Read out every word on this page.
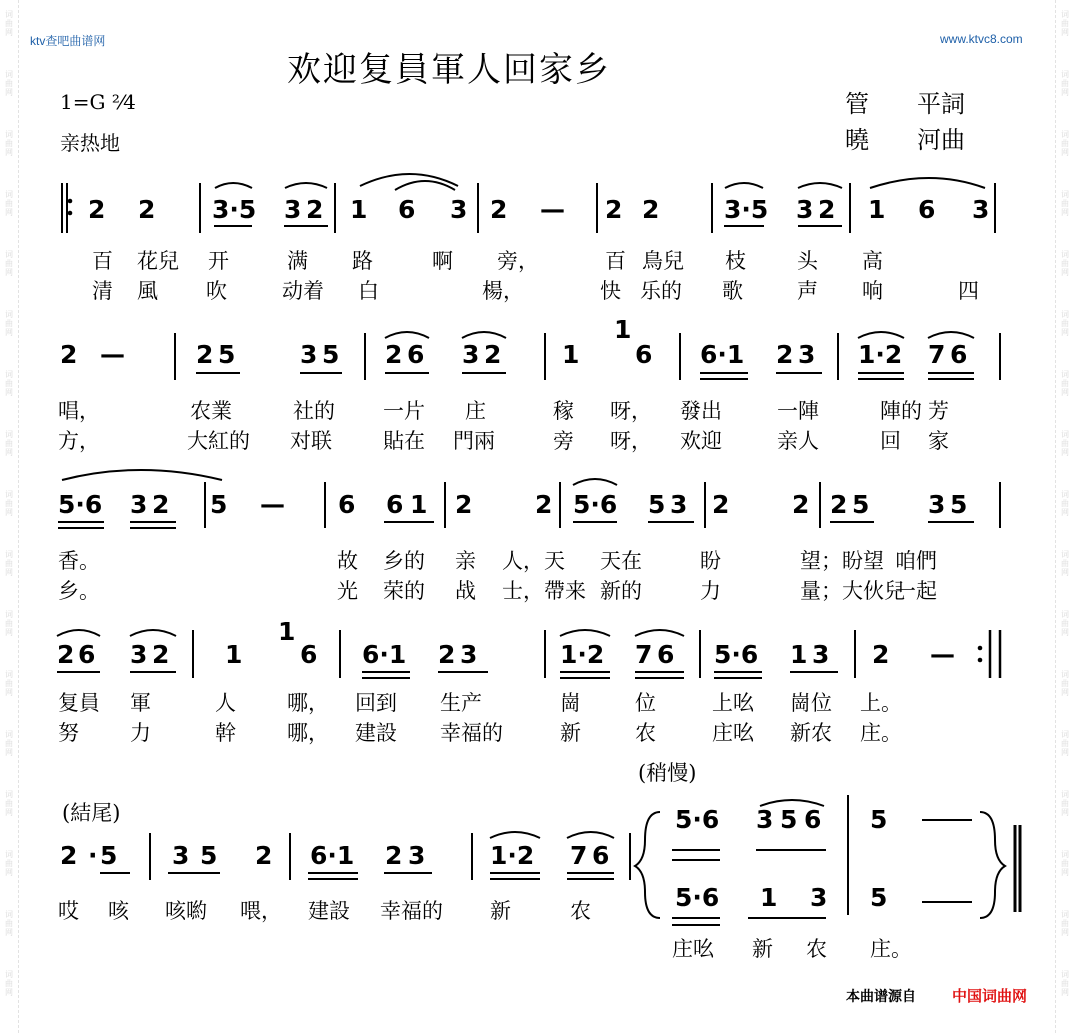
词曲网
词曲网
词曲网
词曲网
词曲网
词曲网
词曲网
词曲网
词曲网
词曲网
词曲网
词曲网
词曲网
词曲网
词曲网
词曲网
词曲网
词曲网
词曲网
词曲网
词曲网
词曲网
词曲网
词曲网
词曲网
词曲网
词曲网
词曲网
词曲网
词曲网
词曲网
词曲网
词曲网
词曲网
ktv查吧曲谱网	www.ktvc8.com
欢迎复員軍人回家乡
1=G ²⁄4
亲热地
管　　平詞
曉　　河曲
2 2 3·5 3 2 1 6 3 2 — 2 2	3·5 3 2 1 6 3
2 —	2 5	3 5 2 6 3 2 1 6 6·1 2 3 1·2 7 6
1
5·6 3 2 5 — 6 6 1 2	2 5·6 5 3 2	2 2 5 3 5
2 6 3 2 1 6 6·1 2 3	1·2 7 6 5·6 1 3 2 —
1
2 · 5 3 5 2 6·1 2 3	1·2 7 6
5·6 3 5 6 5
5·6 1 3 5
百 花兒 开	满 路	啊 旁，	百 鳥兒 枝 头 高
清 風 吹	动着 白	楊，	快 乐的 歌	声 响	四
唱，	农業	社的 一片 庄	稼 呀， 發出	一陣	陣的 芳
方，	大紅的 对联 貼在 門兩	旁 呀， 欢迎	亲人	回 家
香。	故 乡的 亲 人，天 天在	盼	望；盼望 咱們
乡。	光 荣的 战 士，帶来 新的	力	量；大伙兒
一起
复員 軍	人 哪， 回到 生产	崗	位	上吆 崗位 上。
努 力	幹 哪， 建設 幸福的	新	农	庄吆 新农 庄。
哎 咳 咳喲 喂， 建設 幸福的 新	农
庄吆 新 农 庄。
(稍慢)
(結尾)
本曲谱源自 中国词曲网
